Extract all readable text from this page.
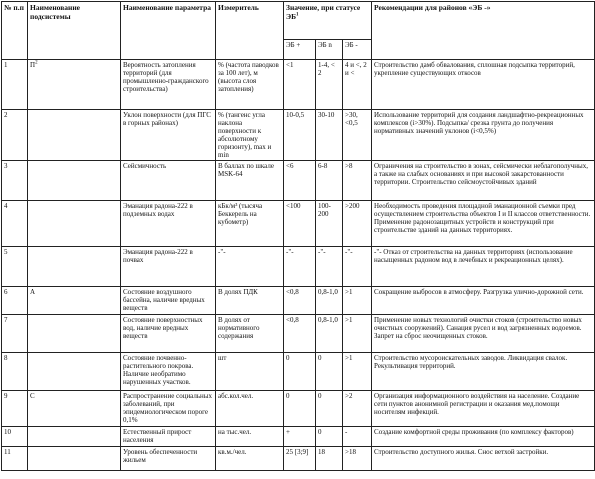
№ п.п	Наименование подсистемы	Наименование параметра	Измеритель	Значение, при статусе $ЭБ^1$			Рекомендации для районов «ЭБ -»
				ЭБ +	ЭБ n	ЭБ -	
1	$П^2$	Вероятность затопления территорий (для промышленно-гражданского строительства)	% (частота паводков за 100 лет), м (высота слоя затопления)	<1	1-4, < 2	4 и <, 2 и <	Строительство дамб обвалования, сплошная подсыпка территорий, укрепление существующих откосов
2		Уклон поверхности (для ПГС в горных районах)	% (тангенс угла наклона поверхности к абсолютному горизонту), max и min	10-0,5	30-10	>30, <0,5	Использование территорий для создания ландшафтно-рекреационных комплексов (i>30%). Подсыпка/ срезка грунта до получения нормативных значений уклонов (i<0,5%)
3		Сейсмичность	В баллах по шкале MSK-64	<6	6-8	>8	Ограничения на строительство в зонах, сейсмически неблагополучных, а также на слабых основаниях и при высокой закарстованности территории. Строительство сейсмоустойчивых зданий
4		Эманация радона-222 в подземных водах	кБк/м³ (тысяча Беккерель на кубометр)	<100	100-200	>200	Необходимость проведения площадной эманационной съемки пред осуществлением строительства объектов I и II классов ответственности. Применение радонозащитных устройств и конструкций при строительстве зданий на данных территориях.
5		Эманация радона-222 в почвах	-"-	-"-	-"-	-"-	-"- Отказ от строительства на данных территориях (использование насыщенных радоном вод в лечебных и рекреационных целях).
6	А	Состояние воздушного бассейна, наличие вредных веществ	В долях ПДК	<0,8	0,8-1,0	>1	Сокращение выбросов в атмосферу. Разгрузка улично-дорожной сети.
7		Состояние поверхностных вод, наличие вредных веществ	В долях от нормативного содержания	<0,8	0,8-1,0	>1	Применение новых технологий очистки стоков (строительство новых очистных сооружений). Санация русел и вод загрязненных водоемов. Запрет на сброс неочищенных стоков.
8		Состояние почвенно-растительного покрова. Наличие необратимо нарушенных участков.	шт	0	0	>1	Строительство мусороискательных заводов. Ликвидация свалок. Рекультивация территорий.
9	С	Распространение социальных заболеваний, при эпидемиологическом пороге 0,1%	абс.кол.чел.	0	0	>2	Организация информационного воздействия на население. Создание сети пунктов анонимной регистрации и оказания мед.помощи носителям инфекций.
10		Естественный прирост населения	на тыс.чел.	+	0	-	Создание комфортной среды проживания (по комплексу факторов)
11		Уровень обеспеченности жильем	кв.м./чел.	25 [3;9]	18	>18	Строительство доступного жилья. Снос ветхой застройки.
